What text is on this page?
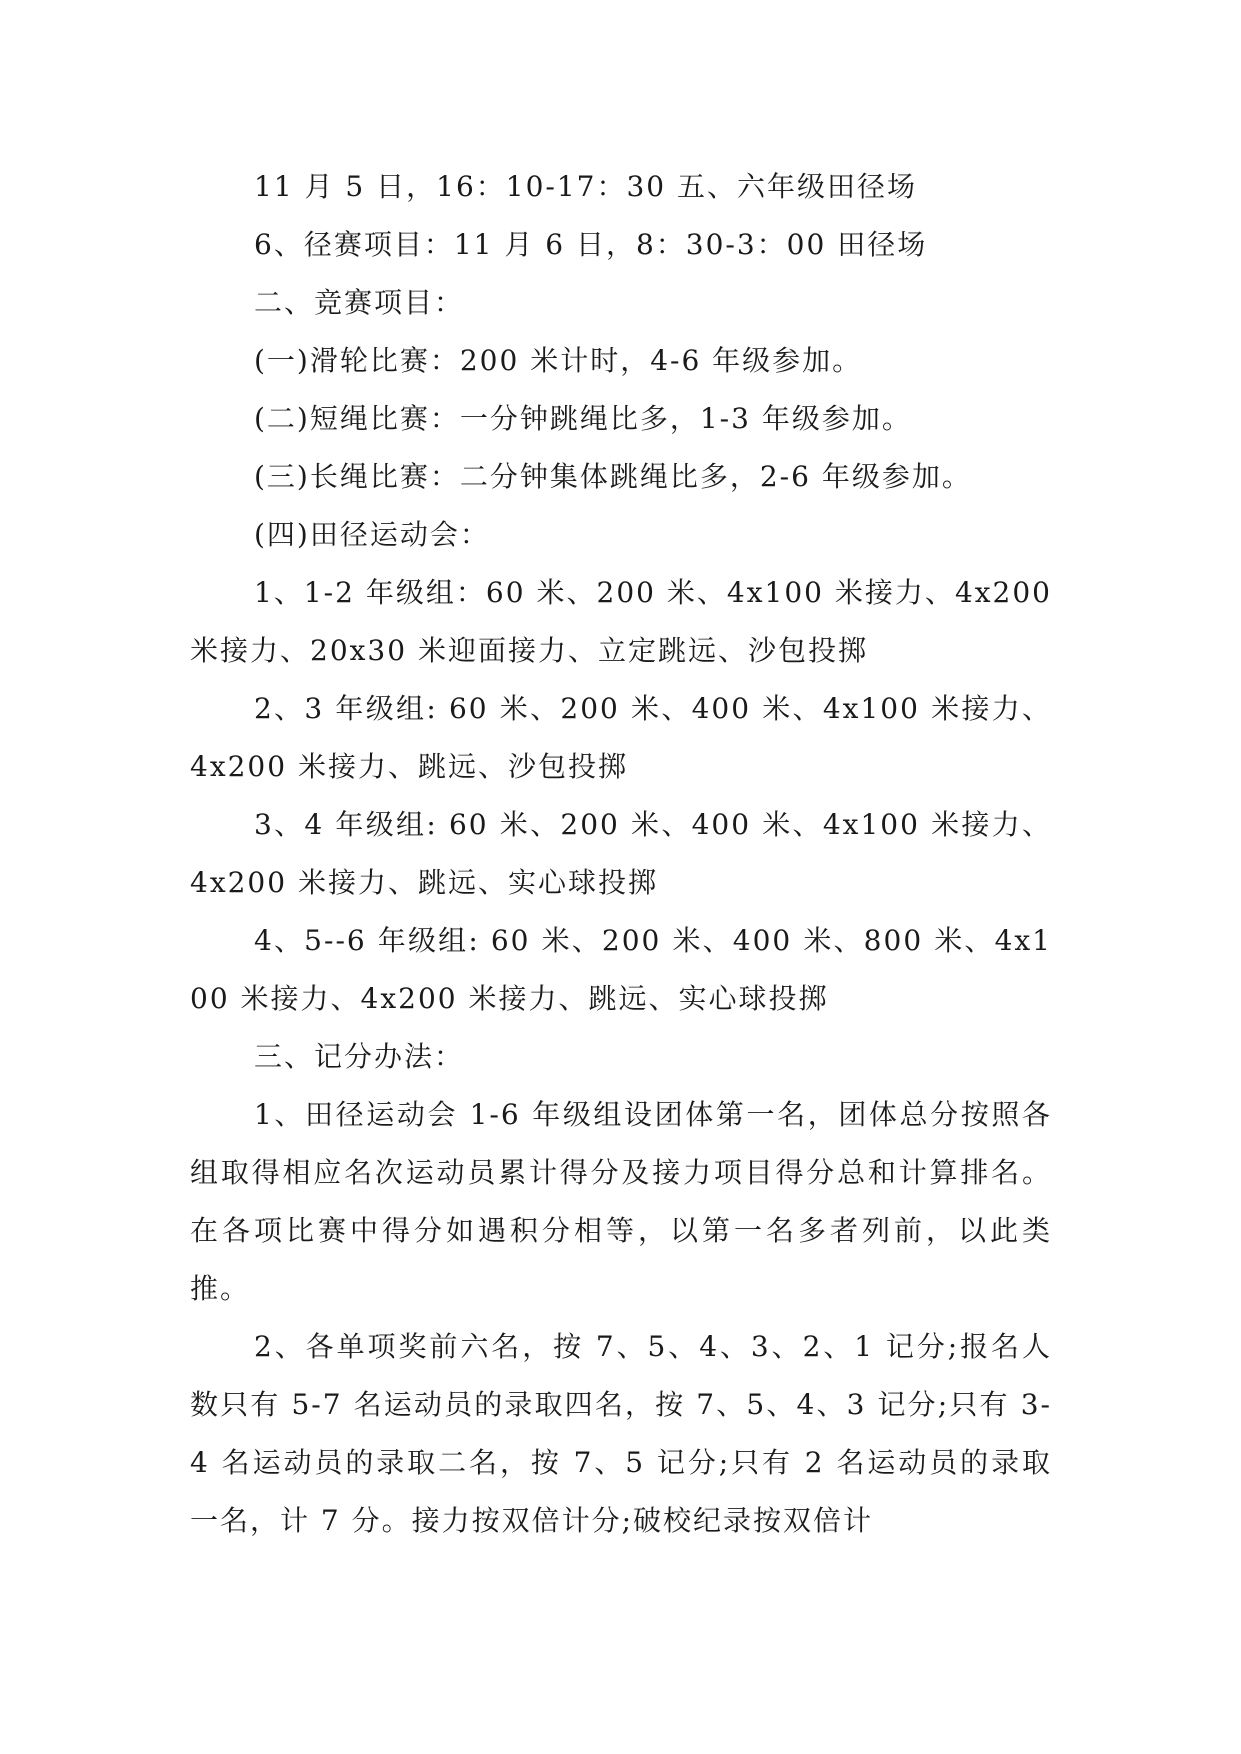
11 月 5 日，16：10-17：30 五、六年级田径场

6、径赛项目：11 月 6 日，8：30-3：00 田径场

二、竞赛项目：

(一)滑轮比赛：200 米计时，4-6 年级参加。

(二)短绳比赛：一分钟跳绳比多，1-3 年级参加。

(三)长绳比赛：二分钟集体跳绳比多，2-6 年级参加。

(四)田径运动会：

1、1-2 年级组：60 米、200 米、4x100 米接力、4x200 米接力、20x30 米迎面接力、立定跳远、沙包投掷

2、3 年级组: 60 米、200 米、400 米、4x100 米接力、4x200 米接力、跳远、沙包投掷

3、4 年级组: 60 米、200 米、400 米、4x100 米接力、4x200 米接力、跳远、实心球投掷

4、5--6 年级组: 60 米、200 米、400 米、800 米、4x100 米接力、4x200 米接力、跳远、实心球投掷

三、记分办法：

1、田径运动会 1-6 年级组设团体第一名，团体总分按照各组取得相应名次运动员累计得分及接力项目得分总和计算排名。在各项比赛中得分如遇积分相等，以第一名多者列前，以此类推。

2、各单项奖前六名，按 7、5、4、3、2、1 记分;报名人数只有 5-7 名运动员的录取四名，按 7、5、4、3 记分;只有 3-4 名运动员的录取二名，按 7、5 记分;只有 2 名运动员的录取一名，计 7 分。接力按双倍计分;破校纪录按双倍计
